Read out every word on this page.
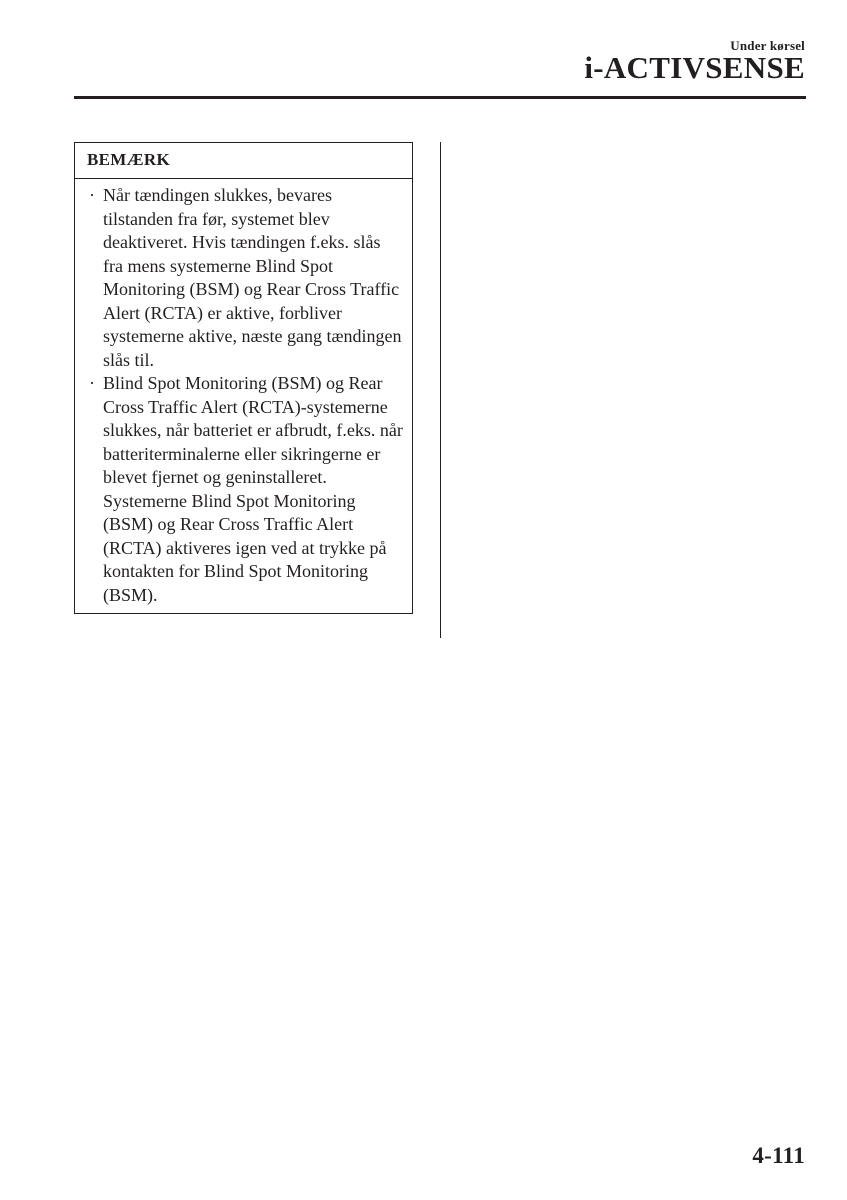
Under kørsel
i-ACTIVSENSE
BEMÆRK
· Når tændingen slukkes, bevares tilstanden fra før, systemet blev deaktiveret. Hvis tændingen f.eks. slås fra mens systemerne Blind Spot Monitoring (BSM) og Rear Cross Traffic Alert (RCTA) er aktive, forbliver systemerne aktive, næste gang tændingen slås til.
· Blind Spot Monitoring (BSM) og Rear Cross Traffic Alert (RCTA)-systemerne slukkes, når batteriet er afbrudt, f.eks. når batteriterminalerne eller sikringerne er blevet fjernet og geninstalleret. Systemerne Blind Spot Monitoring (BSM) og Rear Cross Traffic Alert (RCTA) aktiveres igen ved at trykke på kontakten for Blind Spot Monitoring (BSM).
4-111
